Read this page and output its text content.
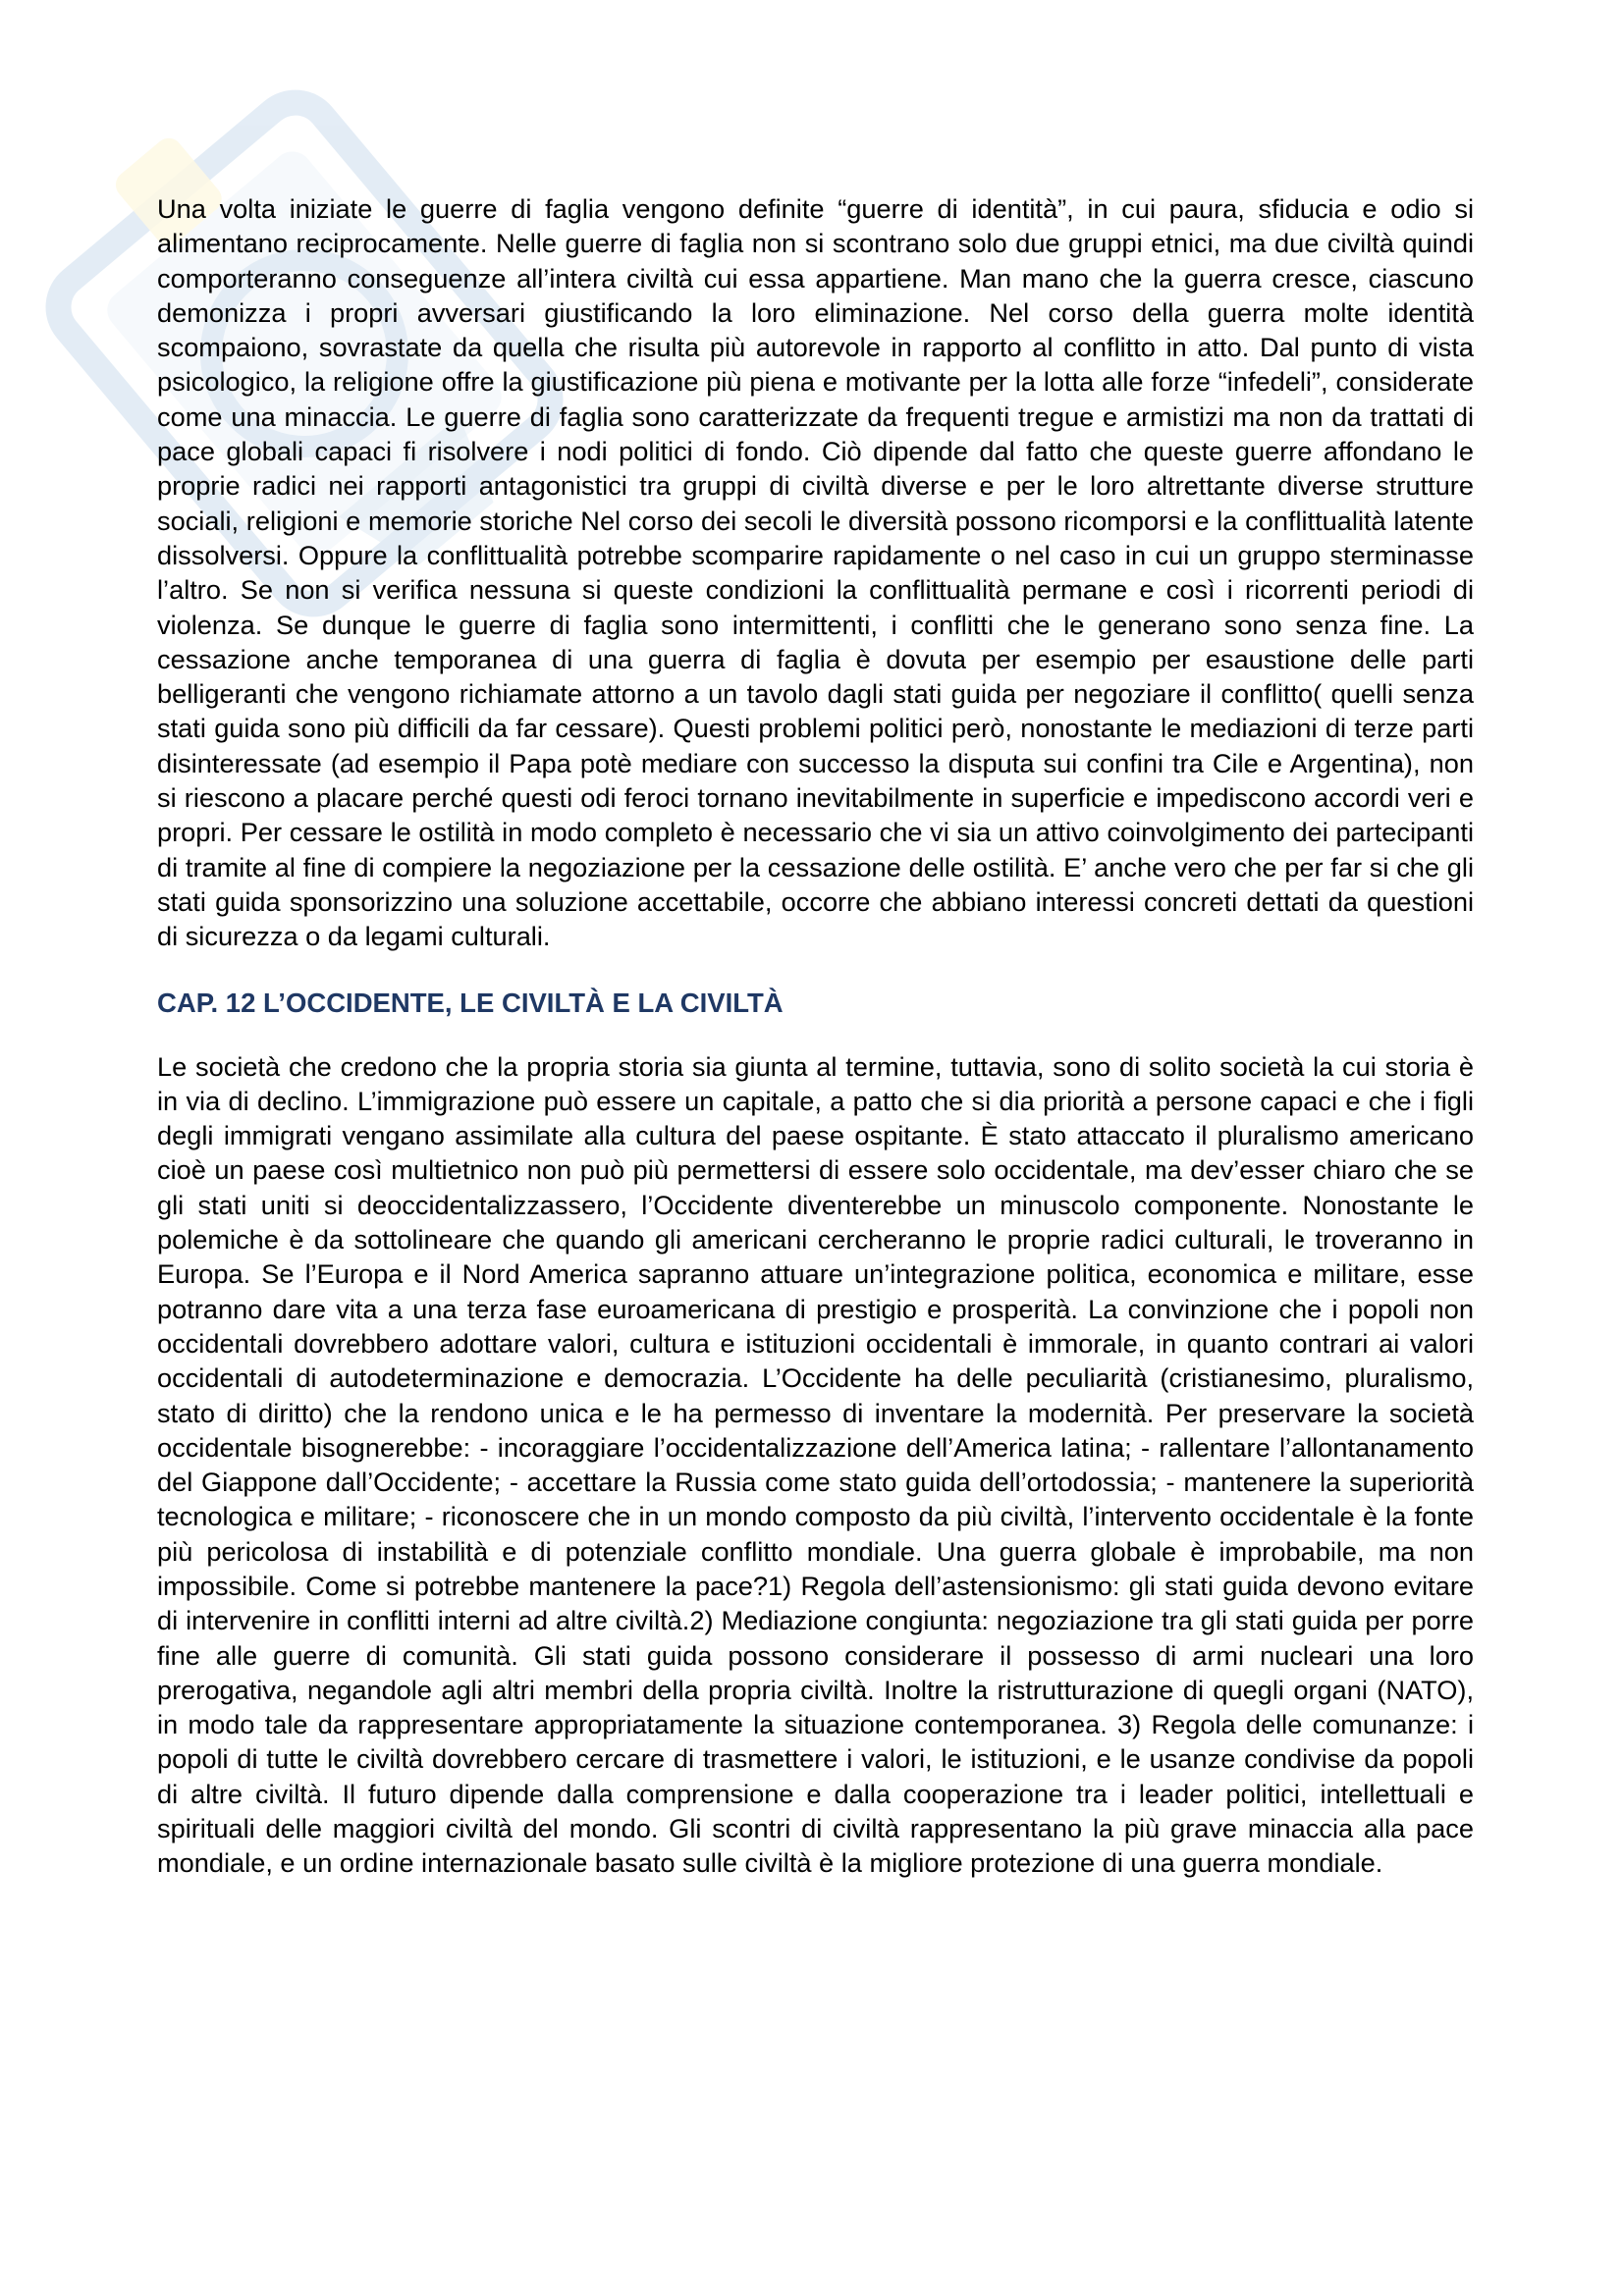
Una volta iniziate le guerre di faglia vengono definite “guerre di identità”, in cui paura, sfiducia e odio si alimentano reciprocamente. Nelle guerre di faglia non si scontrano solo due gruppi etnici, ma due civiltà quindi comporteranno conseguenze all’intera civiltà cui essa appartiene. Man mano che la guerra cresce, ciascuno demonizza i propri avversari giustificando la loro eliminazione. Nel corso della guerra molte identità scompaiono, sovrastate da quella che risulta più autorevole in rapporto al conflitto in atto. Dal punto di vista psicologico, la religione offre la giustificazione più piena e motivante per la lotta alle forze “infedeli”, considerate come una minaccia. Le guerre di faglia sono caratterizzate da frequenti tregue e armistizi ma non da trattati di pace globali capaci fi risolvere i nodi politici di fondo. Ciò dipende dal fatto che queste guerre affondano le proprie radici nei rapporti antagonistici tra gruppi di civiltà diverse e per le loro altrettante diverse strutture sociali, religioni e memorie storiche Nel corso dei secoli le diversità possono ricomporsi e la conflittualità latente dissolversi. Oppure la conflittualità potrebbe scomparire rapidamente o nel caso in cui un gruppo sterminasse l’altro. Se non si verifica nessuna si queste condizioni la conflittualità permane e così i ricorrenti periodi di violenza. Se dunque le guerre di faglia sono intermittenti, i conflitti che le generano sono senza fine. La cessazione anche temporanea di una guerra di faglia è dovuta per esempio per esaustione delle parti belligeranti che vengono richiamate attorno a un tavolo dagli stati guida per negoziare il conflitto( quelli senza stati guida sono più difficili da far cessare). Questi problemi politici però, nonostante le mediazioni di terze parti disinteressate (ad esempio il Papa potè mediare con successo la disputa sui confini tra Cile e Argentina), non si riescono a placare perché questi odi feroci tornano inevitabilmente in superficie e impediscono accordi veri e propri. Per cessare le ostilità in modo completo è necessario che vi sia un attivo coinvolgimento dei partecipanti di tramite al fine di compiere la negoziazione per la cessazione delle ostilità. E’ anche vero che per far si che gli stati guida sponsorizzino una soluzione accettabile, occorre che abbiano interessi concreti dettati da questioni di sicurezza o da legami culturali.

CAP. 12 L’OCCIDENTE, LE CIVILTÀ E LA CIVILTÀ

Le società che credono che la propria storia sia giunta al termine, tuttavia, sono di solito società la cui storia è in via di declino. L’immigrazione può essere un capitale, a patto che si dia priorità a persone capaci e che i figli degli immigrati vengano assimilate alla cultura del paese ospitante. È stato attaccato il pluralismo americano cioè un paese così multietnico non può più permettersi di essere solo occidentale, ma dev’esser chiaro che se gli stati uniti si deoccidentalizzassero, l’Occidente diventerebbe un minuscolo componente. Nonostante le polemiche è da sottolineare che quando gli americani cercheranno le proprie radici culturali, le troveranno in Europa. Se l’Europa e il Nord America sapranno attuare un’integrazione politica, economica e militare, esse potranno dare vita a una terza fase euroamericana di prestigio e prosperità. La convinzione che i popoli non occidentali dovrebbero adottare valori, cultura e istituzioni occidentali è immorale, in quanto contrari ai valori occidentali di autodeterminazione e democrazia. L’Occidente ha delle peculiarità (cristianesimo, pluralismo, stato di diritto) che la rendono unica e le ha permesso di inventare la modernità. Per preservare la società occidentale bisognerebbe: - incoraggiare l’occidentalizzazione dell’America latina; - rallentare l’allontanamento del Giappone dall’Occidente; - accettare la Russia come stato guida dell’ortodossia; - mantenere la superiorità tecnologica e militare; - riconoscere che in un mondo composto da più civiltà, l’intervento occidentale è la fonte più pericolosa di instabilità e di potenziale conflitto mondiale. Una guerra globale è improbabile, ma non impossibile. Come si potrebbe mantenere la pace?1) Regola dell’astensionismo: gli stati guida devono evitare di intervenire in conflitti interni ad altre civiltà.2) Mediazione congiunta: negoziazione tra gli stati guida per porre fine alle guerre di comunità. Gli stati guida possono considerare il possesso di armi nucleari una loro prerogativa, negandole agli altri membri della propria civiltà. Inoltre la ristrutturazione di quegli organi (NATO), in modo tale da rappresentare appropriatamente la situazione contemporanea. 3) Regola delle comunanze: i popoli di tutte le civiltà dovrebbero cercare di trasmettere i valori, le istituzioni, e le usanze condivise da popoli di altre civiltà. Il futuro dipende dalla comprensione e dalla cooperazione tra i leader politici, intellettuali e spirituali delle maggiori civiltà del mondo. Gli scontri di civiltà rappresentano la più grave minaccia alla pace mondiale, e un ordine internazionale basato sulle civiltà è la migliore protezione di una guerra mondiale.
